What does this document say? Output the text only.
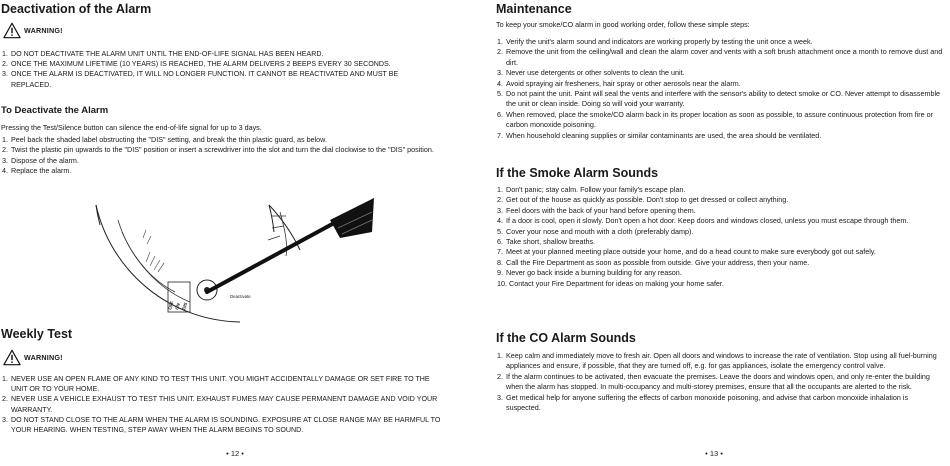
Deactivation of the Alarm
WARNING!
1. DO NOT DEACTIVATE THE ALARM UNIT UNTIL THE END-OF-LIFE SIGNAL HAS BEEN HEARD.
2. ONCE THE MAXIMUM LIFETIME (10 YEARS) IS REACHED, THE ALARM DELIVERS 2 BEEPS EVERY 30 SECONDS.
3. ONCE THE ALARM IS DEACTIVATED, IT WILL NO LONGER FUNCTION. IT CANNOT BE REACTIVATED AND MUST BE REPLACED.
To Deactivate the Alarm

Pressing the Test/Silence button can silence the end-of-life signal for up to 3 days.

1. Peel back the shaded label obstructing the "DIS" setting, and break the thin plastic guard, as below.
2. Twist the plastic pin upwards to the "DIS" position or insert a screwdriver into the slot and turn the dial clockwise to the "DIS" position.
3. Dispose of the alarm.
4. Replace the alarm.
OFF ON DIS
Deactivate
Weekly Test
WARNING!
1. NEVER USE AN OPEN FLAME OF ANY KIND TO TEST THIS UNIT. YOU MIGHT ACCIDENTALLY DAMAGE OR SET FIRE TO THE UNIT OR TO YOUR HOME.
2. NEVER USE A VEHICLE EXHAUST TO TEST THIS UNIT. EXHAUST FUMES MAY CAUSE PERMANENT DAMAGE AND VOID YOUR WARRANTY.
3. DO NOT STAND CLOSE TO THE ALARM WHEN THE ALARM IS SOUNDING. EXPOSURE AT CLOSE RANGE MAY BE HARMFUL TO YOUR HEARING. WHEN TESTING, STEP AWAY WHEN THE ALARM BEGINS TO SOUND.
• 12 •
Maintenance

To keep your smoke/CO alarm in good working order, follow these simple steps:

1. Verify the unit's alarm sound and indicators are working properly by testing the unit once a week.
2. Remove the unit from the ceiling/wall and clean the alarm cover and vents with a soft brush attachment once a month to remove dust and dirt.
3. Never use detergents or other solvents to clean the unit.
4. Avoid spraying air fresheners, hair spray or other aerosols near the alarm.
5. Do not paint the unit. Paint will seal the vents and interfere with the sensor's ability to detect smoke or CO. Never attempt to disassemble the unit or clean inside. Doing so will void your warranty.
6. When removed, place the smoke/CO alarm back in its proper location as soon as possible, to assure continuous protection from fire or carbon monoxide poisoning.
7. When household cleaning supplies or similar contaminants are used, the area should be ventilated.
If the Smoke Alarm Sounds
1. Don't panic; stay calm. Follow your family's escape plan.
2. Get out of the house as quickly as possible. Don't stop to get dressed or collect anything.
3. Feel doors with the back of your hand before opening them.
4. If a door is cool, open it slowly. Don't open a hot door. Keep doors and windows closed, unless you must escape through them.
5. Cover your nose and mouth with a cloth (preferably damp).
6. Take short, shallow breaths.
7. Meet at your planned meeting place outside your home, and do a head count to make sure everybody got out safely.
8. Call the Fire Department as soon as possible from outside. Give your address, then your name.
9. Never go back inside a burning building for any reason.
10. Contact your Fire Department for ideas on making your home safer.
If the CO Alarm Sounds
1. Keep calm and immediately move to fresh air. Open all doors and windows to increase the rate of ventilation. Stop using all fuel-burning appliances and ensure, if possible, that they are turned off, e.g. for gas appliances, isolate the emergency control valve.
2. If the alarm continues to be activated, then evacuate the premises. Leave the doors and windows open, and only re-enter the building when the alarm has stopped. In multi-occupancy and multi-storey premises, ensure that all the occupants are alerted to the risk.
3. Get medical help for anyone suffering the effects of carbon monoxide poisoning, and advise that carbon monoxide inhalation is suspected.
• 13 •
